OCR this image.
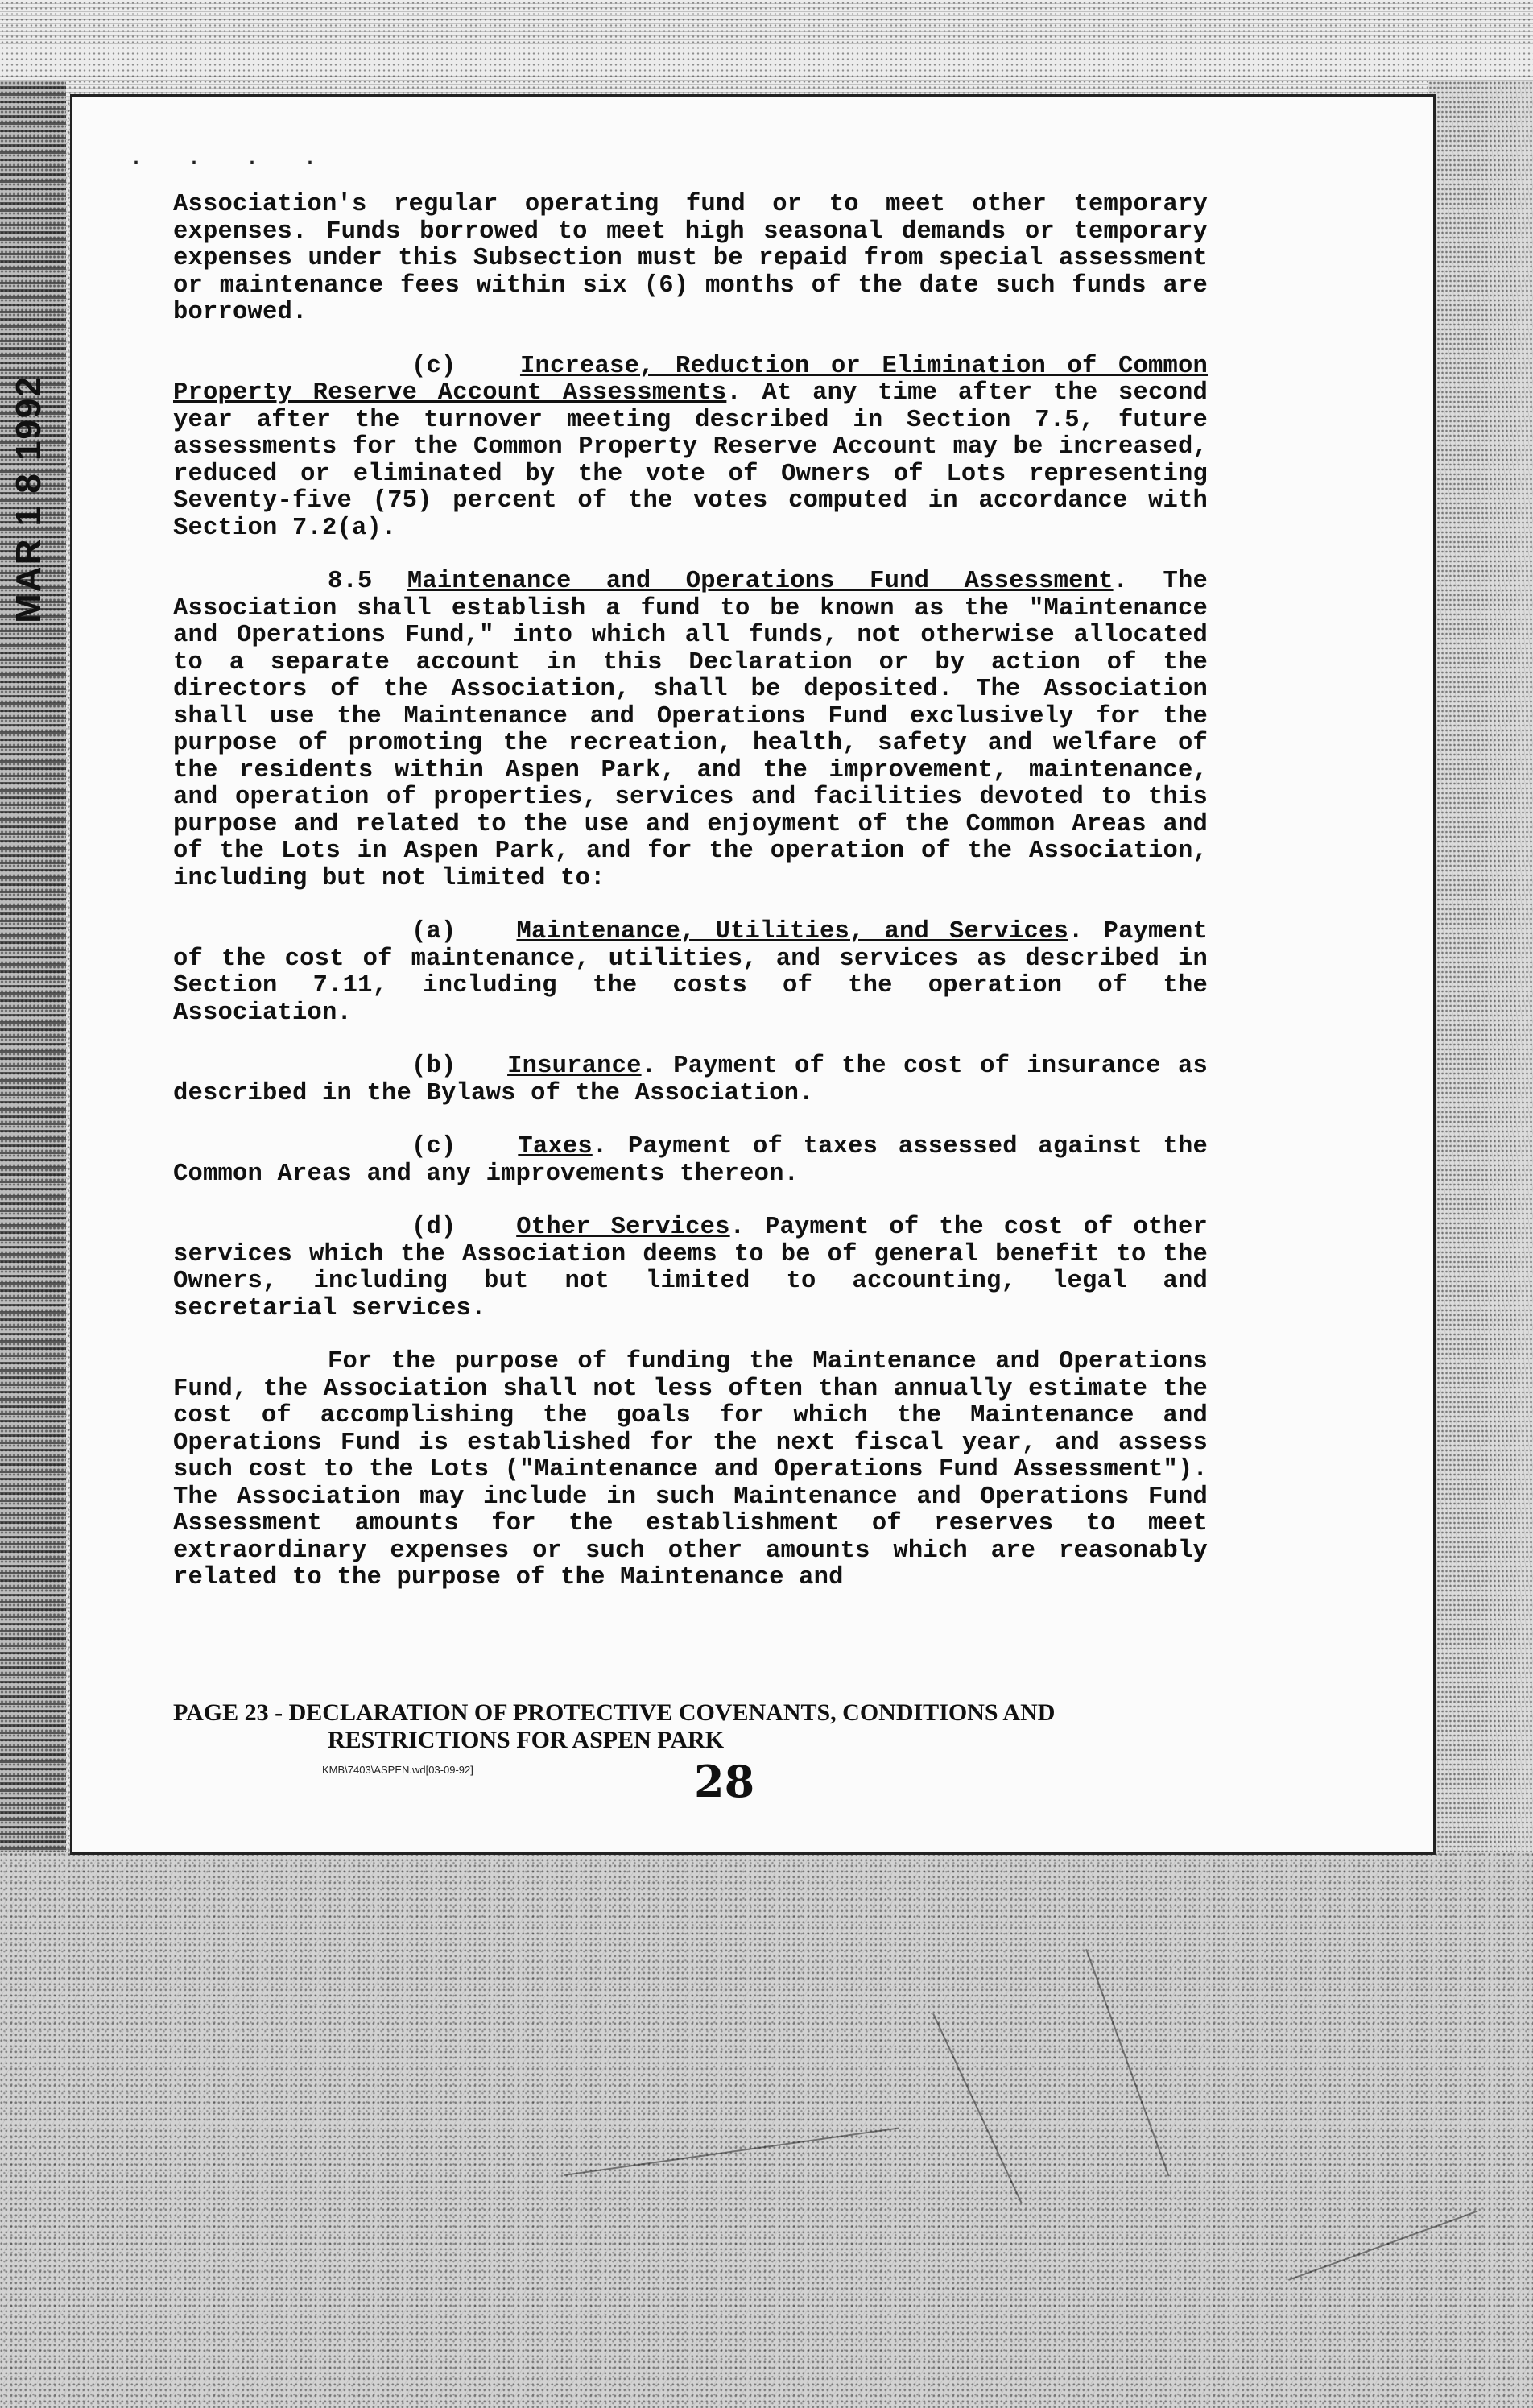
MAR 1 8 1992
. . . .

Association's regular operating fund or to meet other temporary expenses. Funds borrowed to meet high seasonal demands or temporary expenses under this Subsection must be repaid from special assessment or maintenance fees within six (6) months of the date such funds are borrowed.

(c)	Increase, Reduction or Elimination of Common Property Reserve Account Assessments. At any time after the second year after the turnover meeting described in Section 7.5, future assessments for the Common Property Reserve Account may be increased, reduced or eliminated by the vote of Owners of Lots representing Seventy-five (75) percent of the votes computed in accordance with Section 7.2(a).

8.5 Maintenance and Operations Fund Assessment. The Association shall establish a fund to be known as the "Maintenance and Operations Fund," into which all funds, not otherwise allocated to a separate account in this Declaration or by action of the directors of the Association, shall be deposited. The Association shall use the Maintenance and Operations Fund exclusively for the purpose of promoting the recreation, health, safety and welfare of the residents within Aspen Park, and the improvement, maintenance, and operation of properties, services and facilities devoted to this purpose and related to the use and enjoyment of the Common Areas and of the Lots in Aspen Park, and for the operation of the Association, including but not limited to:

(a) Maintenance, Utilities, and Services. Payment of the cost of maintenance, utilities, and services as described in Section 7.11, including the costs of the operation of the Association.

(b) Insurance. Payment of the cost of insurance as described in the Bylaws of the Association.

(c)	Taxes. Payment of taxes assessed against the Common Areas and any improvements thereon.

(d) Other Services. Payment of the cost of other services which the Association deems to be of general benefit to the Owners, including but not limited to accounting, legal and secretarial services.

For the purpose of funding the Maintenance and Operations Fund, the Association shall not less often than annually estimate the cost of accomplishing the goals for which the Maintenance and Operations Fund is established for the next fiscal year, and assess such cost to the Lots ("Maintenance and Operations Fund Assessment"). The Association may include in such Maintenance and Operations Fund Assessment amounts for the establishment of reserves to meet extraordinary expenses or such other amounts which are reasonably related to the purpose of the Maintenance and

PAGE 23 - DECLARATION OF PROTECTIVE COVENANTS, CONDITIONS AND
RESTRICTIONS FOR ASPEN PARK
KMB\7403\ASPEN.wd[03-09-92]	28
